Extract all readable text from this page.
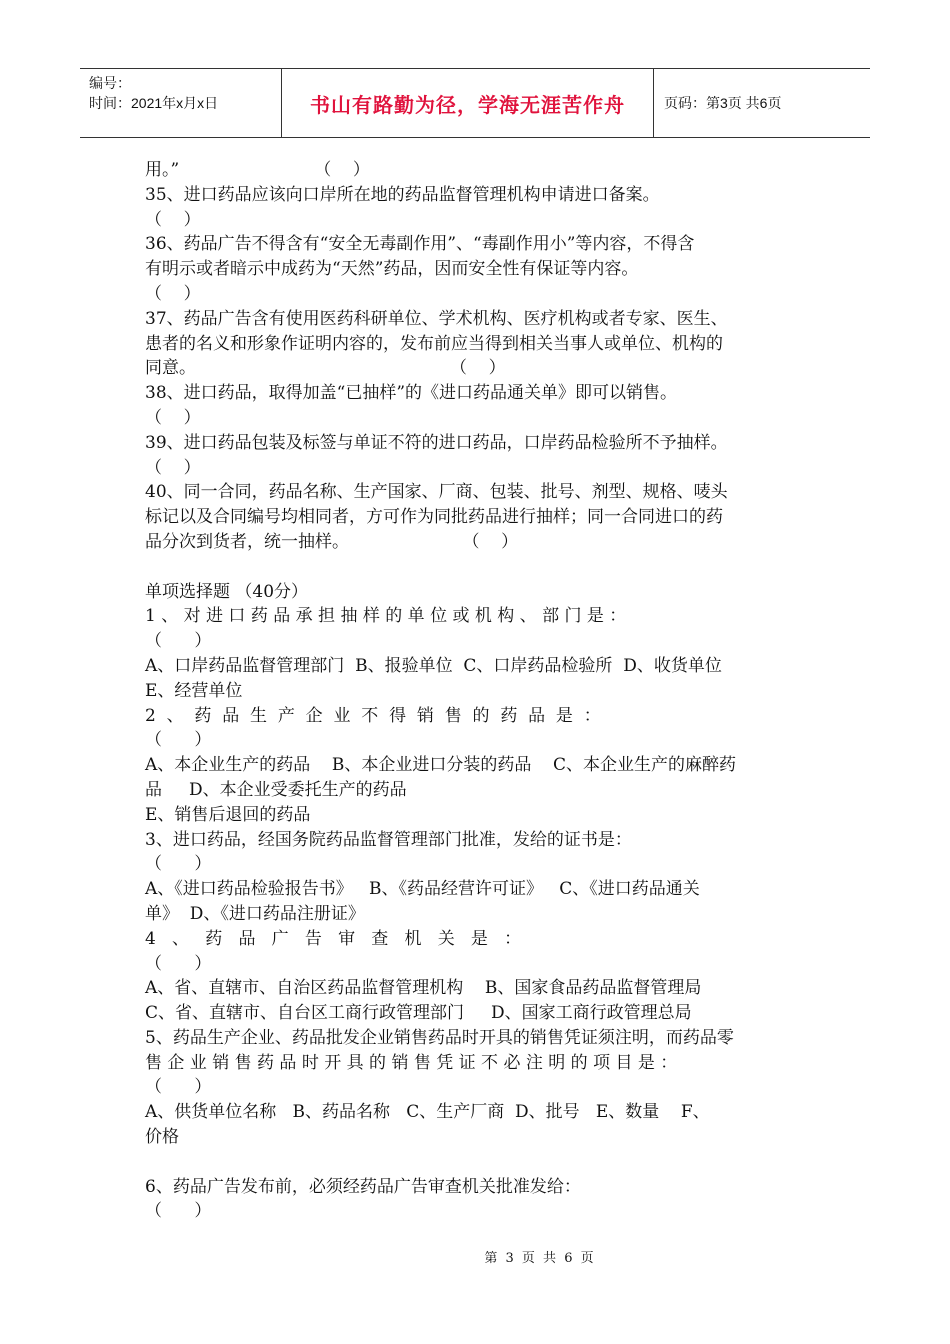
编号：
时间：2021年x月x日	书山有路勤为径，学海无涯苦作舟	页码：第3页 共6页

用。”                         （    ）

35、进口药品应该向口岸所在地的药品监督管理机构申请进口备案。

（    ）

36、药品广告不得含有“安全无毒副作用”、“毒副作用小”等内容，不得含

有明示或者暗示中成药为“天然”药品，因而安全性有保证等内容。

（    ）

37、药品广告含有使用医药科研单位、学术机构、医疗机构或者专家、医生、

患者的名义和形象作证明内容的，发布前应当得到相关当事人或单位、机构的

同意。                                               （    ）

38、进口药品，取得加盖“已抽样”的《进口药品通关单》即可以销售。

（    ）

39、进口药品包装及标签与单证不符的进口药品，口岸药品检验所不予抽样。

（    ）

40、同一合同，药品名称、生产国家、厂商、包装、批号、剂型、规格、唛头

标记以及合同编号均相同者，方可作为同批药品进行抽样；同一合同进口的药

品分次到货者，统一抽样。                     （    ）

单项选择题 （40分）

1 、 对 进 口 药 品 承 担 抽 样 的 单 位 或 机 构 、 部 门 是 ：

（      ）

A、口岸药品监督管理部门  B、报验单位  C、口岸药品检验所  D、收货单位

E、经营单位

2  、  药  品  生  产  企  业  不  得  销  售  的  药  品  是  ：

（      ）

A、本企业生产的药品    B、本企业进口分装的药品    C、本企业生产的麻醉药

品     D、本企业受委托生产的药品

E、销售后退回的药品

3、进口药品，经国务院药品监督管理部门批准，发给的证书是：

（      ）

A、《进口药品检验报告书》   B、《药品经营许可证》   C、《进口药品通关

单》  D、《进口药品注册证》

4   、   药   品   广   告   审   查   机   关   是   ：

（      ）

A、省、直辖市、自治区药品监督管理机构    B、国家食品药品监督管理局

C、省、直辖市、自台区工商行政管理部门     D、国家工商行政管理总局

5、药品生产企业、药品批发企业销售药品时开具的销售凭证须注明，而药品零

售 企 业 销 售 药 品 时 开 具 的 销 售 凭 证 不 必 注 明 的 项 目 是 ：

（      ）

A、供货单位名称   B、药品名称   C、生产厂商  D、批号   E、数量    F、

价格

6、药品广告发布前，必须经药品广告审查机关批准发给：

（      ）

第 3 页 共 6 页
